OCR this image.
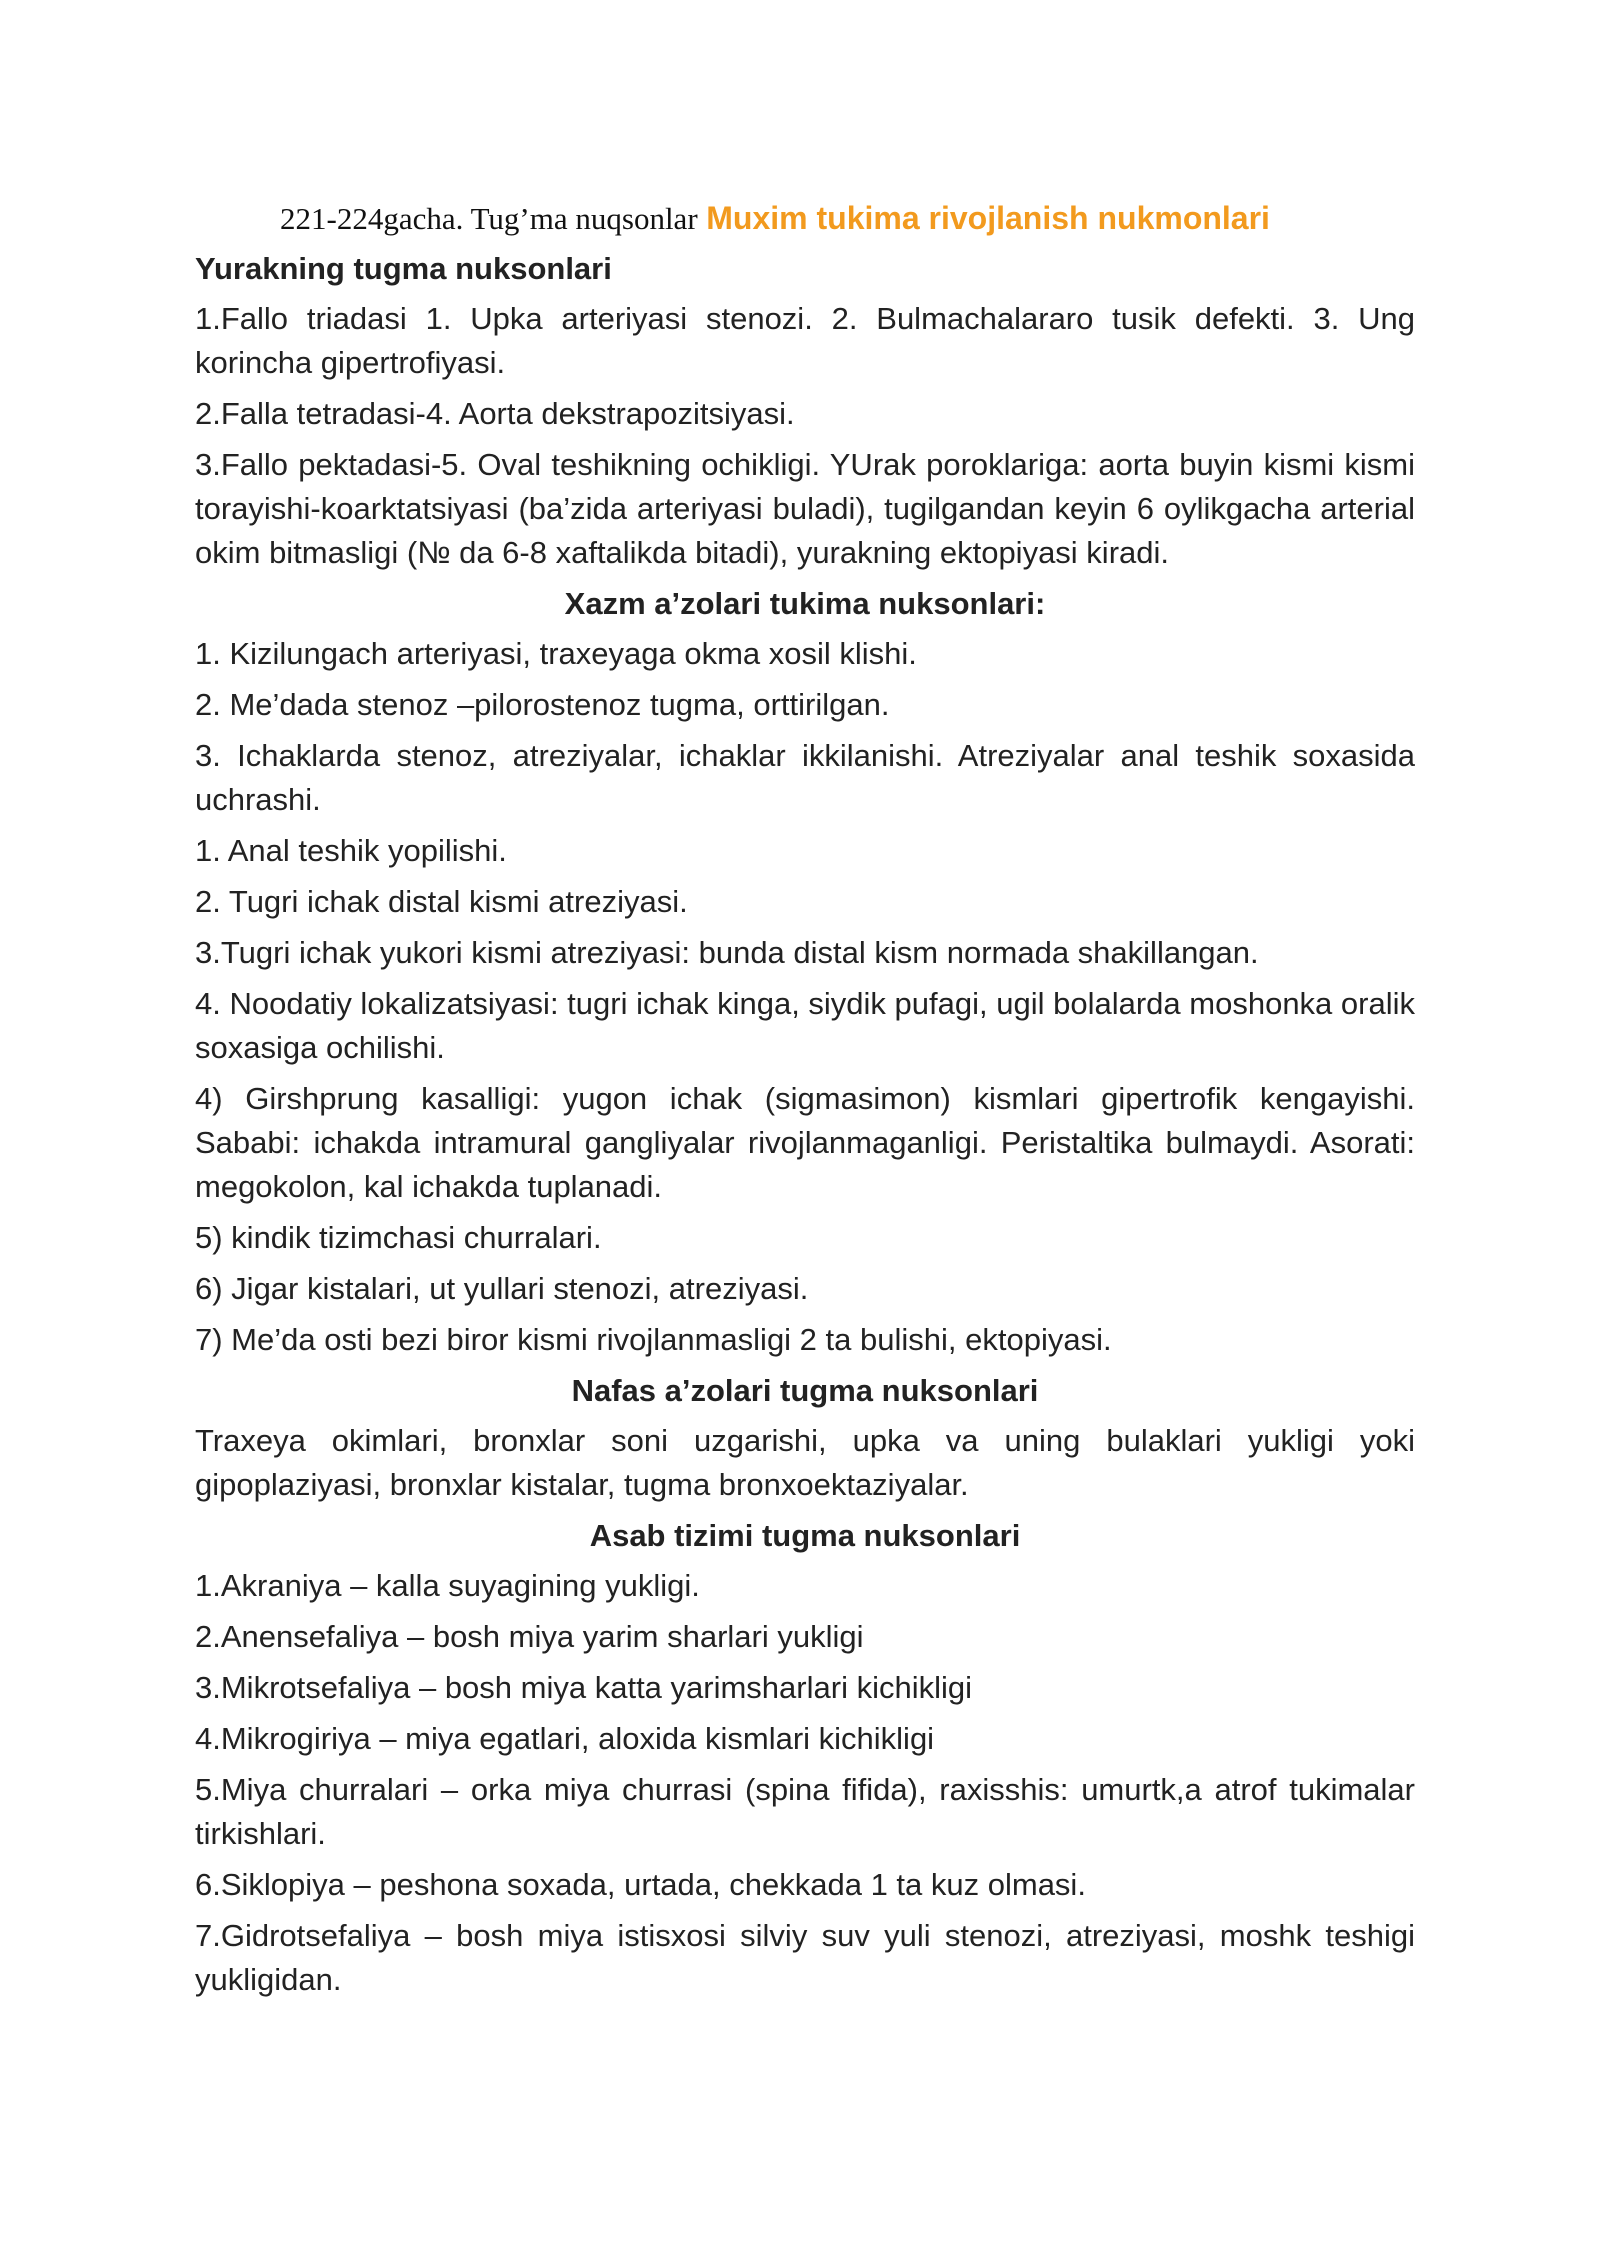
221-224gacha. Tug’ma nuqsonlar Muxim tukima rivojlanish nukmonlari
Yurakning tugma nuksonlari
1.Fallo triadasi 1. Upka arteriyasi stenozi. 2. Bulmachalararo tusik defekti. 3. Ung korincha gipertrofiyasi.
2.Falla tetradasi-4. Aorta dekstrapozitsiyasi.
3.Fallo pektadasi-5. Oval teshikning ochikligi. YUrak poroklariga: aorta buyin kismi kismi torayishi-koarktatsiyasi (ba’zida arteriyasi buladi), tugilgandan keyin 6 oylikgacha arterial okim bitmasligi (№ da 6-8 xaftalikda bitadi), yurakning ektopiyasi kiradi.
Xazm a’zolari tukima nuksonlari:
1. Kizilungach arteriyasi, traxeyaga okma xosil klishi.
2. Me’dada stenoz –pilorostenoz tugma, orttirilgan.
3. Ichaklarda stenoz, atreziyalar, ichaklar ikkilanishi. Atreziyalar anal teshik soxasida uchrashi.
1. Anal teshik yopilishi.
2. Tugri ichak distal kismi atreziyasi.
3.Tugri ichak yukori kismi atreziyasi: bunda distal kism normada shakillangan.
4. Noodatiy lokalizatsiyasi: tugri ichak kinga, siydik pufagi, ugil bolalarda moshonka oralik soxasiga ochilishi.
4) Girshprung kasalligi: yugon ichak (sigmasimon) kismlari gipertrofik kengayishi. Sababi: ichakda intramural gangliyalar rivojlanmaganligi. Peristaltika bulmaydi. Asorati: megokolon, kal ichakda tuplanadi.
5) kindik tizimchasi churralari.
6) Jigar kistalari, ut yullari stenozi, atreziyasi.
7) Me’da osti bezi biror kismi rivojlanmasligi 2 ta bulishi, ektopiyasi.
Nafas a’zolari tugma nuksonlari
Traxeya okimlari, bronxlar soni uzgarishi, upka va uning bulaklari yukligi yoki gipoplaziyasi, bronxlar kistalar, tugma bronxoektaziyalar.
Asab tizimi tugma nuksonlari
1.Akraniya – kalla suyagining yukligi.
2.Anensefaliya – bosh miya yarim sharlari yukligi
3.Mikrotsefaliya – bosh miya katta yarimsharlari kichikligi
4.Mikrogiriya – miya egatlari, aloxida kismlari kichikligi
5.Miya churralari – orka miya churrasi (spina fifida), raxisshis: umurtk,a atrof tukimalar tirkishlari.
6.Siklopiya – peshona soxada, urtada, chekkada 1 ta kuz olmasi.
7.Gidrotsefaliya – bosh miya istisxosi silviy suv yuli stenozi, atreziyasi, moshk teshigi yukligidan.
